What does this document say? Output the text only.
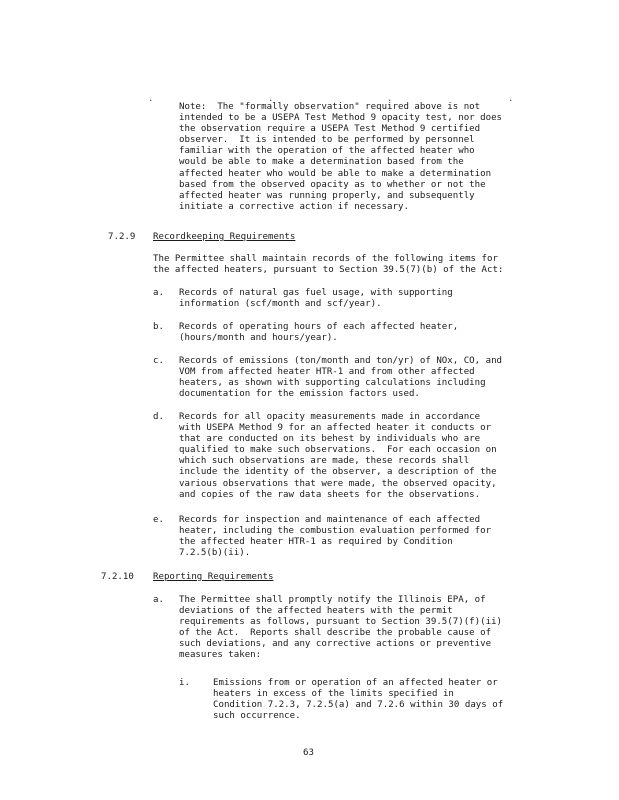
.	.	.	.

Note:  The "formally observation" required above is not
intended to be a USEPA Test Method 9 opacity test, nor does
the observation require a USEPA Test Method 9 certified
observer.  It is intended to be performed by personnel
familiar with the operation of the affected heater who
would be able to make a determination based from the
affected heater who would be able to make a determination
based from the observed opacity as to whether or not the
affected heater was running properly, and subsequently
initiate a corrective action if necessary.

7.2.9 Recordkeeping Requirements

The Permittee shall maintain records of the following items for
the affected heaters, pursuant to Section 39.5(7)(b) of the Act:

a. Records of natural gas fuel usage, with supporting
information (scf/month and scf/year).

b. Records of operating hours of each affected heater,
(hours/month and hours/year).

c. Records of emissions (ton/month and ton/yr) of NOx, CO, and
VOM from affected heater HTR-1 and from other affected
heaters, as shown with supporting calculations including
documentation for the emission factors used.

d. Records for all opacity measurements made in accordance
with USEPA Method 9 for an affected heater it conducts or
that are conducted on its behest by individuals who are
qualified to make such observations.  For each occasion on
which such observations are made, these records shall
include the identity of the observer, a description of the
various observations that were made, the observed opacity,
and copies of the raw data sheets for the observations.

e. Records for inspection and maintenance of each affected
heater, including the combustion evaluation performed for
the affected heater HTR-1 as required by Condition
7.2.5(b)(ii).

7.2.10 Reporting Requirements
a. The Permittee shall promptly notify the Illinois EPA, of
deviations of the affected heaters with the permit
requirements as follows, pursuant to Section 39.5(7)(f)(ii)
of the Act.  Reports shall describe the probable cause of
such deviations, and any corrective actions or preventive
measures taken:

i.	Emissions from or operation of an affected heater or
heaters in excess of the limits specified in
Condition 7.2.3, 7.2.5(a) and 7.2.6 within 30 days of
such occurrence.

63
